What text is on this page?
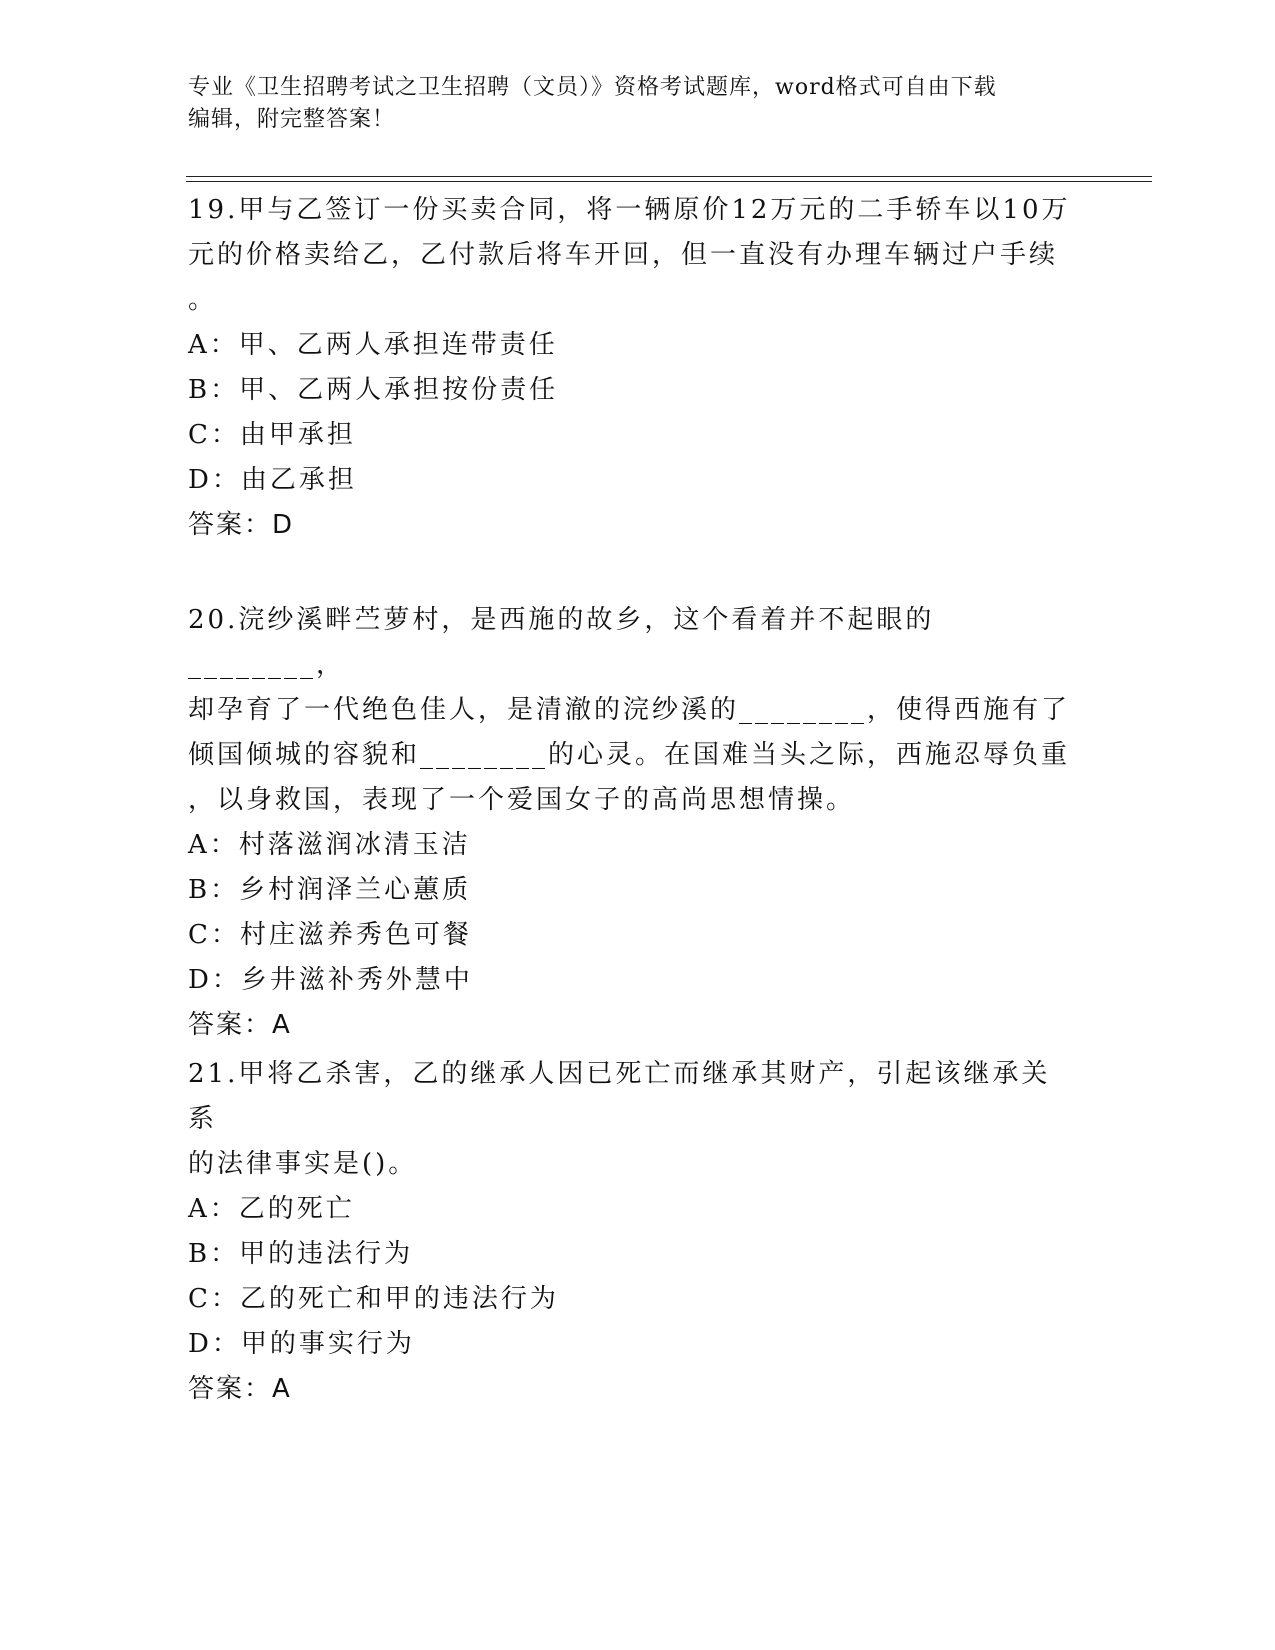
专业《卫生招聘考试之卫生招聘（文员）》资格考试题库，word格式可自由下载
编辑，附完整答案！

19.甲与乙签订一份买卖合同，将一辆原价12万元的二手轿车以10万

元的价格卖给乙，乙付款后将车开回，但一直没有办理车辆过户手续

。

A：甲、乙两人承担连带责任

B：甲、乙两人承担按份责任

C：由甲承担

D：由乙承担

答案：D

20.浣纱溪畔苎萝村，是西施的故乡，这个看着并不起眼的________，

却孕育了一代绝色佳人，是清澈的浣纱溪的________，使得西施有了

倾国倾城的容貌和________的心灵。在国难当头之际，西施忍辱负重

，以身救国，表现了一个爱国女子的高尚思想情操。

A：村落滋润冰清玉洁

B：乡村润泽兰心蕙质

C：村庄滋养秀色可餐

D：乡井滋补秀外慧中

答案：A

21.甲将乙杀害，乙的继承人因已死亡而继承其财产，引起该继承关系

的法律事实是()。

A：乙的死亡

B：甲的违法行为

C：乙的死亡和甲的违法行为

D：甲的事实行为

答案：A
